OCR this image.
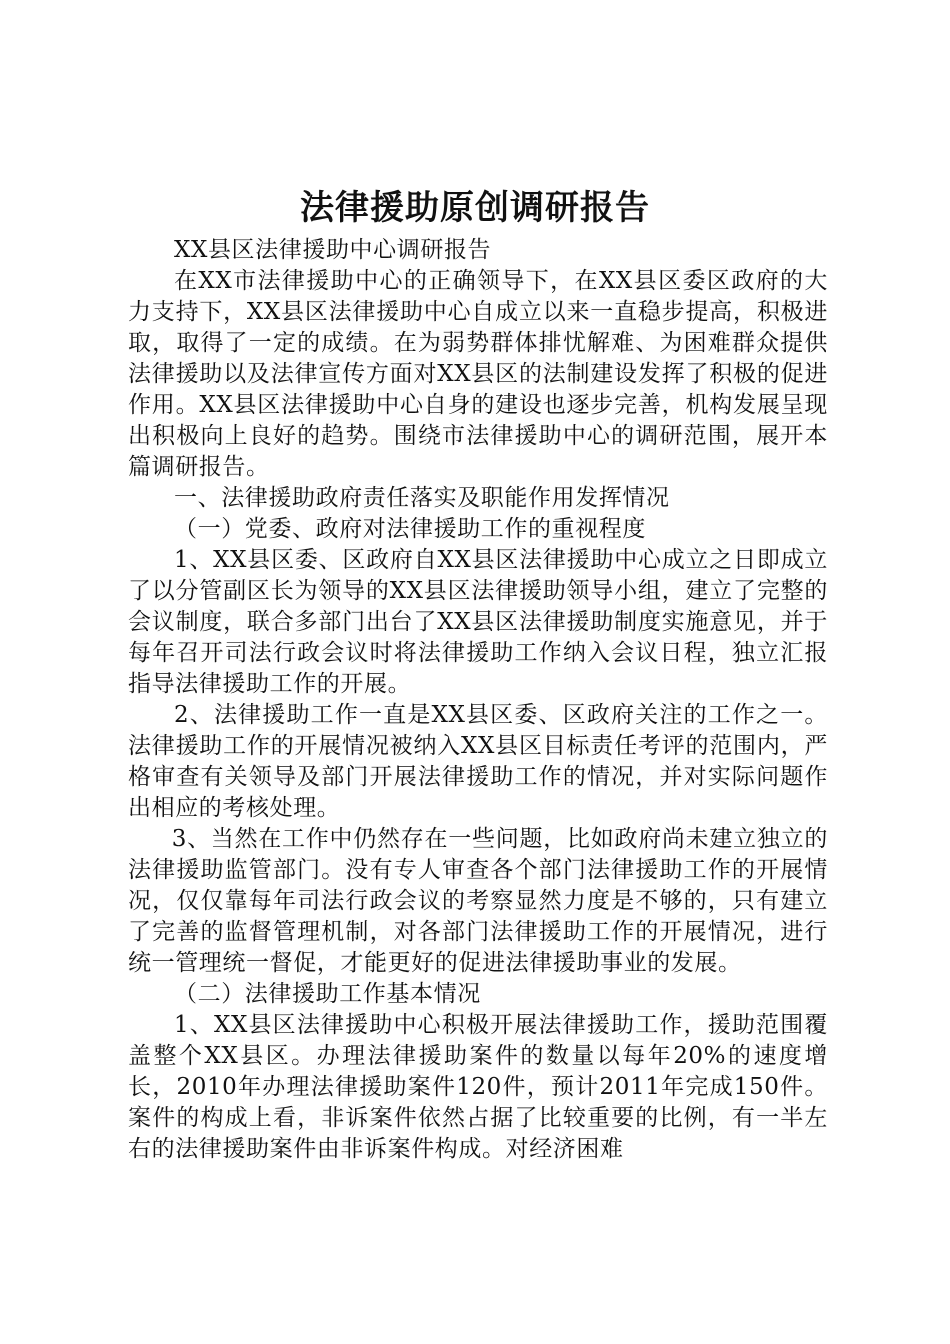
法律援助原创调研报告

XX县区法律援助中心调研报告

在XX市法律援助中心的正确领导下，在XX县区委区政府的大力支持下，XX县区法律援助中心自成立以来一直稳步提高，积极进取，取得了一定的成绩。在为弱势群体排忧解难、为困难群众提供法律援助以及法律宣传方面对XX县区的法制建设发挥了积极的促进作用。XX县区法律援助中心自身的建设也逐步完善，机构发展呈现出积极向上良好的趋势。围绕市法律援助中心的调研范围，展开本篇调研报告。

一、法律援助政府责任落实及职能作用发挥情况

（一）党委、政府对法律援助工作的重视程度

1、XX县区委、区政府自XX县区法律援助中心成立之日即成立了以分管副区长为领导的XX县区法律援助领导小组，建立了完整的会议制度，联合多部门出台了XX县区法律援助制度实施意见，并于每年召开司法行政会议时将法律援助工作纳入会议日程，独立汇报指导法律援助工作的开展。

2、法律援助工作一直是XX县区委、区政府关注的工作之一。法律援助工作的开展情况被纳入XX县区目标责任考评的范围内，严格审查有关领导及部门开展法律援助工作的情况，并对实际问题作出相应的考核处理。

3、当然在工作中仍然存在一些问题，比如政府尚未建立独立的法律援助监管部门。没有专人审查各个部门法律援助工作的开展情况，仅仅靠每年司法行政会议的考察显然力度是不够的，只有建立了完善的监督管理机制，对各部门法律援助工作的开展情况，进行统一管理统一督促，才能更好的促进法律援助事业的发展。

（二）法律援助工作基本情况

1、XX县区法律援助中心积极开展法律援助工作，援助范围覆盖整个XX县区。办理法律援助案件的数量以每年20%的速度增长，2010年办理法律援助案件120件，预计2011年完成150件。案件的构成上看，非诉案件依然占据了比较重要的比例，有一半左右的法律援助案件由非诉案件构成。对经济困难
